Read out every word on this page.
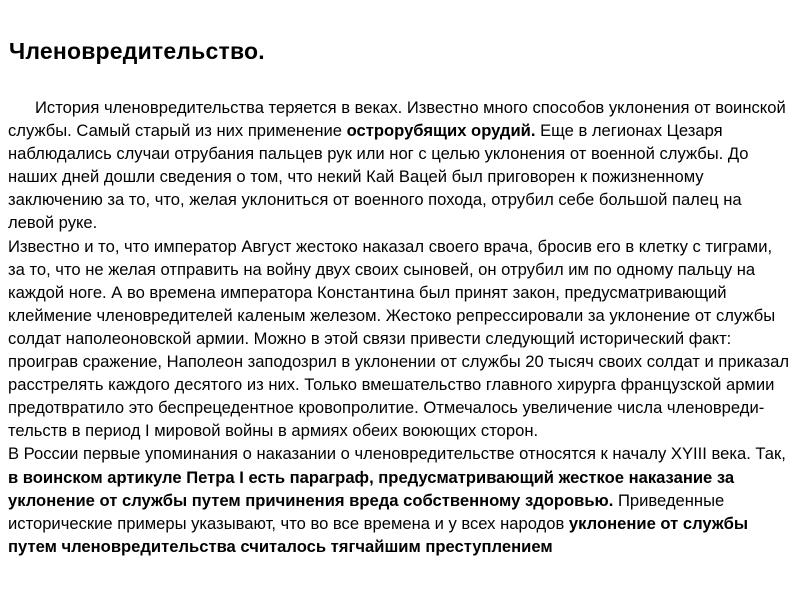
Членовредительство.

История членовредительства теряется в веках. Известно много способов уклонения от воинской службы. Самый старый из них применение острорубящих орудий. Еще в легионах Цезаря наблюдались случаи отрубания пальцев рук или ног с целью уклонения от военной службы. До наших дней дошли сведения о том, что некий Кай Вацей был приговорен к пожизненному заключению за то, что, желая уклониться от военного похода, отрубил себе большой палец на левой руке.

Известно и то, что император Август жестоко наказал своего врача, бросив его в клетку с тиграми, за то, что не желая отправить на войну двух своих сыновей, он отрубил им по одному пальцу на каждой ноге. А во времена императора Константина был принят закон, предусматривающий клеймение членовредителей каленым железом. Жестоко репрессировали за уклонение от службы солдат наполеоновской армии. Можно в этой связи привести следующий исторический факт: проиграв сражение, Наполеон заподозрил в уклонении от службы 20 тысяч своих солдат и приказал расстрелять каждого десятого из них. Только вмешательство главного хирурга французской армии предотвратило это беспрецедентное кровопролитие. Отмечалось увеличение числа членовреди-тельств в период I мировой войны в армиях обеих воюющих сторон.

В России первые упоминания о наказании о членовредительстве относятся к началу XYIII века. Так, в воинском артикуле Петра I есть параграф, предусматривающий жесткое наказание за уклонение от службы путем причинения вреда собственному здоровью. Приведенные исторические примеры указывают, что во все времена и у всех народов уклонение от службы путем членовредительства считалось тягчайшим преступлением
